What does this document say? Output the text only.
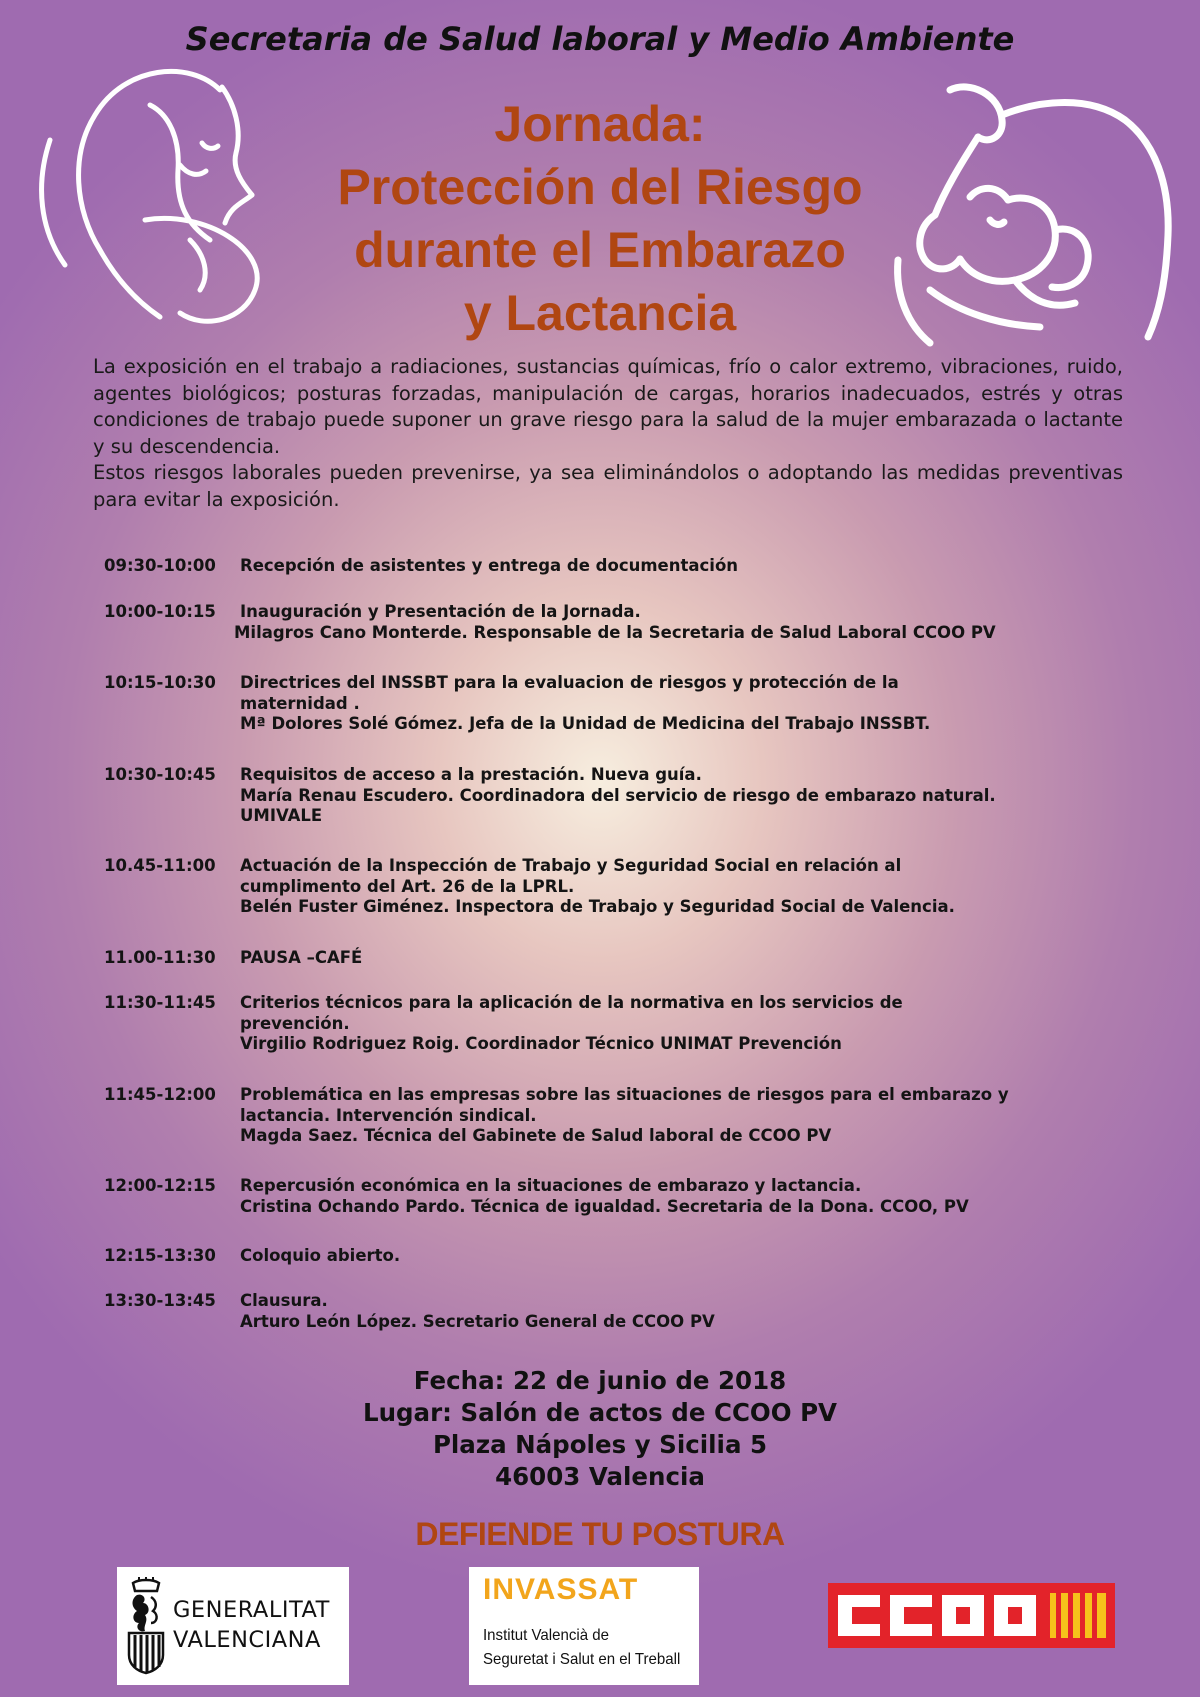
Secretaria de Salud laboral y Medio Ambiente
Jornada:
Protección del Riesgo
durante el Embarazo
y Lactancia

La exposición en el trabajo a radiaciones, sustancias químicas, frío o calor extremo, vibraciones, ruido, agentes biológicos; posturas forzadas, manipulación de cargas, horarios inadecuados, estrés y otras condiciones de trabajo puede suponer un grave riesgo para la salud de la mujer embarazada o lactante y su descendencia.

Estos riesgos laborales pueden prevenirse, ya sea eliminándolos o adoptando las medidas preventivas para evitar la exposición.

09:30-10:00 Recepción de asistentes y entrega de documentación
10:00-10:15 Inauguración y Presentación de la Jornada.
Milagros Cano Monterde. Responsable de la Secretaria de Salud Laboral CCOO PV
10:15-10:30 Directrices del INSSBT para la evaluacion de riesgos y protección de la
maternidad .
Mª Dolores Solé Gómez. Jefa de la Unidad de Medicina del Trabajo INSSBT.
10:30-10:45 Requisitos de acceso a la prestación. Nueva guía.
María Renau Escudero. Coordinadora del servicio de riesgo de embarazo natural.
UMIVALE
10.45-11:00 Actuación de la Inspección de Trabajo y Seguridad Social en relación al
cumplimento del Art. 26 de la LPRL.
Belén Fuster Giménez. Inspectora de Trabajo y Seguridad Social de Valencia.
11.00-11:30 PAUSA –CAFÉ
11:30-11:45 Criterios técnicos para la aplicación de la normativa en los servicios de
prevención.
Virgilio Rodriguez Roig. Coordinador Técnico UNIMAT Prevención
11:45-12:00 Problemática en las empresas sobre las situaciones de riesgos para el embarazo y
lactancia. Intervención sindical.
Magda Saez. Técnica del Gabinete de Salud laboral de CCOO PV
12:00-12:15 Repercusión económica en la situaciones de embarazo y lactancia.
Cristina Ochando Pardo. Técnica de igualdad. Secretaria de la Dona. CCOO, PV
12:15-13:30 Coloquio abierto.
13:30-13:45 Clausura.
Arturo León López. Secretario General de CCOO PV
Fecha: 22 de junio de 2018
Lugar: Salón de actos de CCOO PV
Plaza Nápoles y Sicilia 5
46003 Valencia
DEFIENDE TU POSTURA
GENERALITAT
VALENCIANA
INVASSAT
Institut Valencià de
Seguretat i Salut en el Treball
